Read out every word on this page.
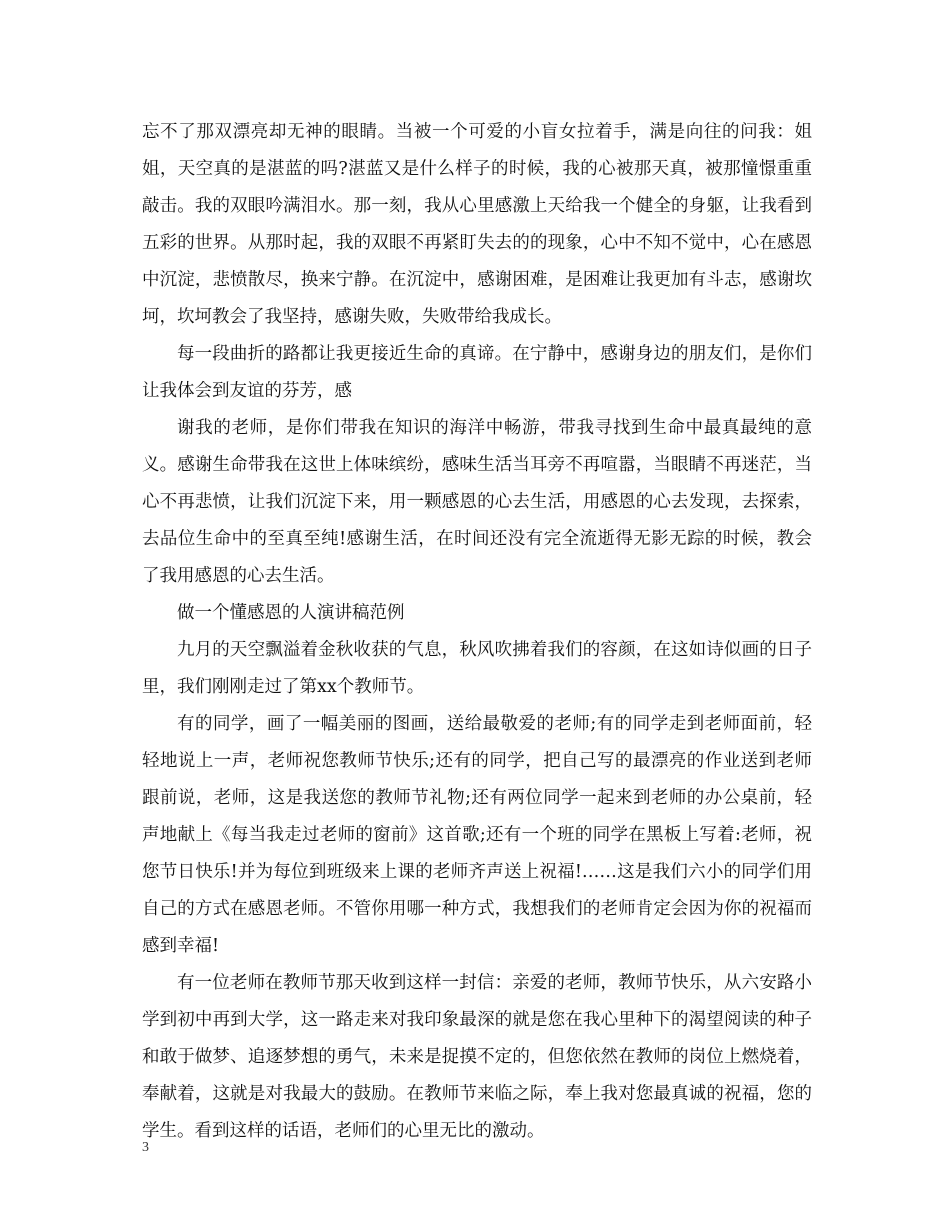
忘不了那双漂亮却无神的眼睛。当被一个可爱的小盲女拉着手，满是向往的问我：姐姐，天空真的是湛蓝的吗?湛蓝又是什么样子的时候，我的心被那天真，被那憧憬重重敲击。我的双眼吟满泪水。那一刻，我从心里感激上天给我一个健全的身躯，让我看到五彩的世界。从那时起，我的双眼不再紧盯失去的的现象，心中不知不觉中，心在感恩中沉淀，悲愤散尽，换来宁静。在沉淀中，感谢困难，是困难让我更加有斗志，感谢坎坷，坎坷教会了我坚持，感谢失败，失败带给我成长。

每一段曲折的路都让我更接近生命的真谛。在宁静中，感谢身边的朋友们，是你们让我体会到友谊的芬芳，感

谢我的老师，是你们带我在知识的海洋中畅游，带我寻找到生命中最真最纯的意义。感谢生命带我在这世上体味缤纷，感味生活当耳旁不再喧嚣，当眼睛不再迷茫，当心不再悲愤，让我们沉淀下来，用一颗感恩的心去生活，用感恩的心去发现，去探索，去品位生命中的至真至纯!感谢生活，在时间还没有完全流逝得无影无踪的时候，教会了我用感恩的心去生活。

做一个懂感恩的人演讲稿范例

九月的天空飘溢着金秋收获的气息，秋风吹拂着我们的容颜，在这如诗似画的日子里，我们刚刚走过了第xx个教师节。

有的同学，画了一幅美丽的图画，送给最敬爱的老师;有的同学走到老师面前，轻轻地说上一声，老师祝您教师节快乐;还有的同学，把自己写的最漂亮的作业送到老师跟前说，老师，这是我送您的教师节礼物;还有两位同学一起来到老师的办公桌前，轻声地献上《每当我走过老师的窗前》这首歌;还有一个班的同学在黑板上写着:老师，祝您节日快乐!并为每位到班级来上课的老师齐声送上祝福!……这是我们六小的同学们用自己的方式在感恩老师。不管你用哪一种方式，我想我们的老师肯定会因为你的祝福而感到幸福!

有一位老师在教师节那天收到这样一封信：亲爱的老师，教师节快乐，从六安路小学到初中再到大学，这一路走来对我印象最深的就是您在我心里种下的渴望阅读的种子和敢于做梦、追逐梦想的勇气，未来是捉摸不定的，但您依然在教师的岗位上燃烧着，奉献着，这就是对我最大的鼓励。在教师节来临之际，奉上我对您最真诚的祝福，您的学生。看到这样的话语，老师们的心里无比的激动。

3
